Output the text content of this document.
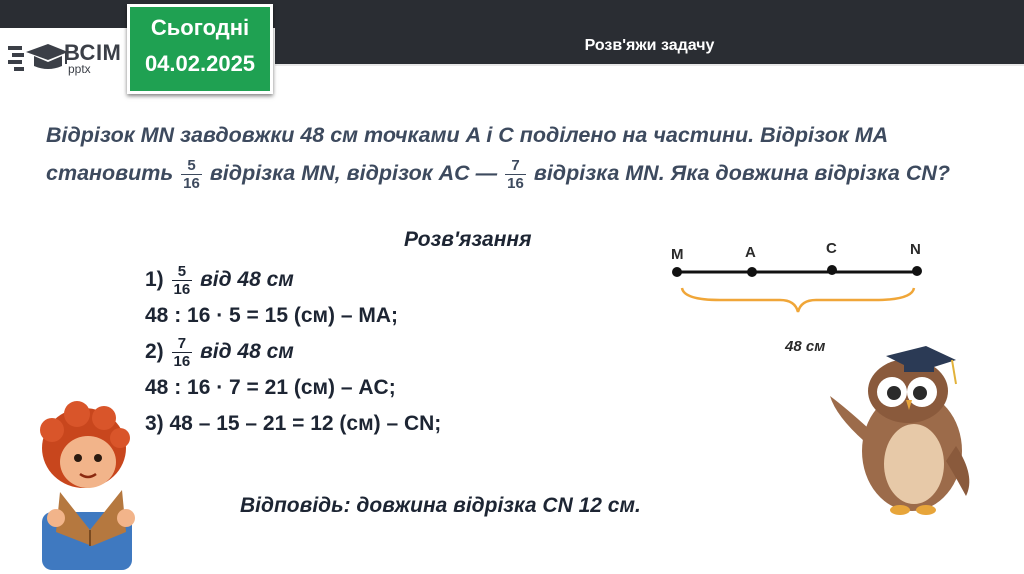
Розв'яжи задачу
ВСІМ
pptx
Сьогодні
04.02.2025
Відрізок MN завдовжки 48 см точками A і C поділено на частини. Відрізок MA становить $\frac{5}{16}$ відрізка MN, відрізок AC — $\frac{7}{16}$ відрізка MN. Яка довжина відрізка CN?
Розв'язання
$1) \frac{5}{16}$ від 48 см
48 : 16 · 5 = 15 (см) – MA;
$2) \frac{7}{16}$ від 48 см
48 : 16 · 7 = 21 (см) – AC;
3) 48 – 15 – 21 = 12 (см) – CN;
Відповідь: довжина відрізка CN 12 см.
M	A	C	N
48 см
